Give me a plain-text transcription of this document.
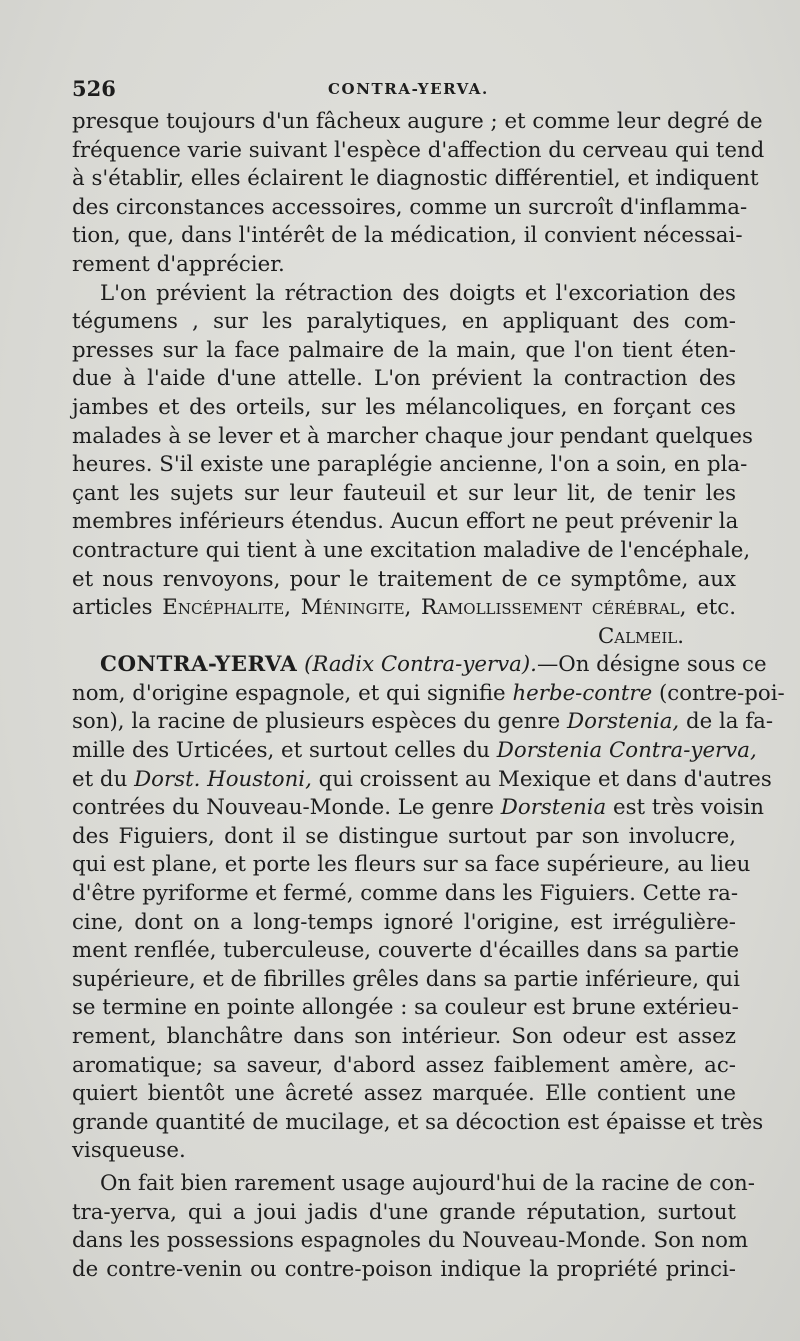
526	CONTRA-YERVA.
presque toujours d'un fâcheux augure ; et comme leur degré de
fréquence varie suivant l'espèce d'affection du cerveau qui tend
à s'établir, elles éclairent le diagnostic différentiel, et indiquent
des circonstances accessoires, comme un surcroît d'inflamma-
tion, que, dans l'intérêt de la médication, il convient nécessai-
rement d'apprécier.
L'on prévient la rétraction des doigts et l'excoriation des
tégumens , sur les paralytiques, en appliquant des com-
presses sur la face palmaire de la main, que l'on tient éten-
due à l'aide d'une attelle. L'on prévient la contraction des
jambes et des orteils, sur les mélancoliques, en forçant ces
malades à se lever et à marcher chaque jour pendant quelques
heures. S'il existe une paraplégie ancienne, l'on a soin, en pla-
çant les sujets sur leur fauteuil et sur leur lit, de tenir les
membres inférieurs étendus. Aucun effort ne peut prévenir la
contracture qui tient à une excitation maladive de l'encéphale,
et nous renvoyons, pour le traitement de ce symptôme, aux
articles Encéphalite, Méningite, Ramollissement cérébral, etc.
Calmeil.
CONTRA-YERVA (Radix Contra-yerva).—On désigne sous ce
nom, d'origine espagnole, et qui signifie herbe-contre (contre-poi-
son), la racine de plusieurs espèces du genre Dorstenia, de la fa-
mille des Urticées, et surtout celles du Dorstenia Contra-yerva,
et du Dorst. Houstoni, qui croissent au Mexique et dans d'autres
contrées du Nouveau-Monde. Le genre Dorstenia est très voisin
des Figuiers, dont il se distingue surtout par son involucre,
qui est plane, et porte les fleurs sur sa face supérieure, au lieu
d'être pyriforme et fermé, comme dans les Figuiers. Cette ra-
cine, dont on a long-temps ignoré l'origine, est irrégulière-
ment renflée, tuberculeuse, couverte d'écailles dans sa partie
supérieure, et de fibrilles grêles dans sa partie inférieure, qui
se termine en pointe allongée : sa couleur est brune extérieu-
rement, blanchâtre dans son intérieur. Son odeur est assez
aromatique; sa saveur, d'abord assez faiblement amère, ac-
quiert bientôt une âcreté assez marquée. Elle contient une
grande quantité de mucilage, et sa décoction est épaisse et très
visqueuse.
On fait bien rarement usage aujourd'hui de la racine de con-
tra-yerva, qui a joui jadis d'une grande réputation, surtout
dans les possessions espagnoles du Nouveau-Monde. Son nom
de contre-venin ou contre-poison indique la propriété princi-
